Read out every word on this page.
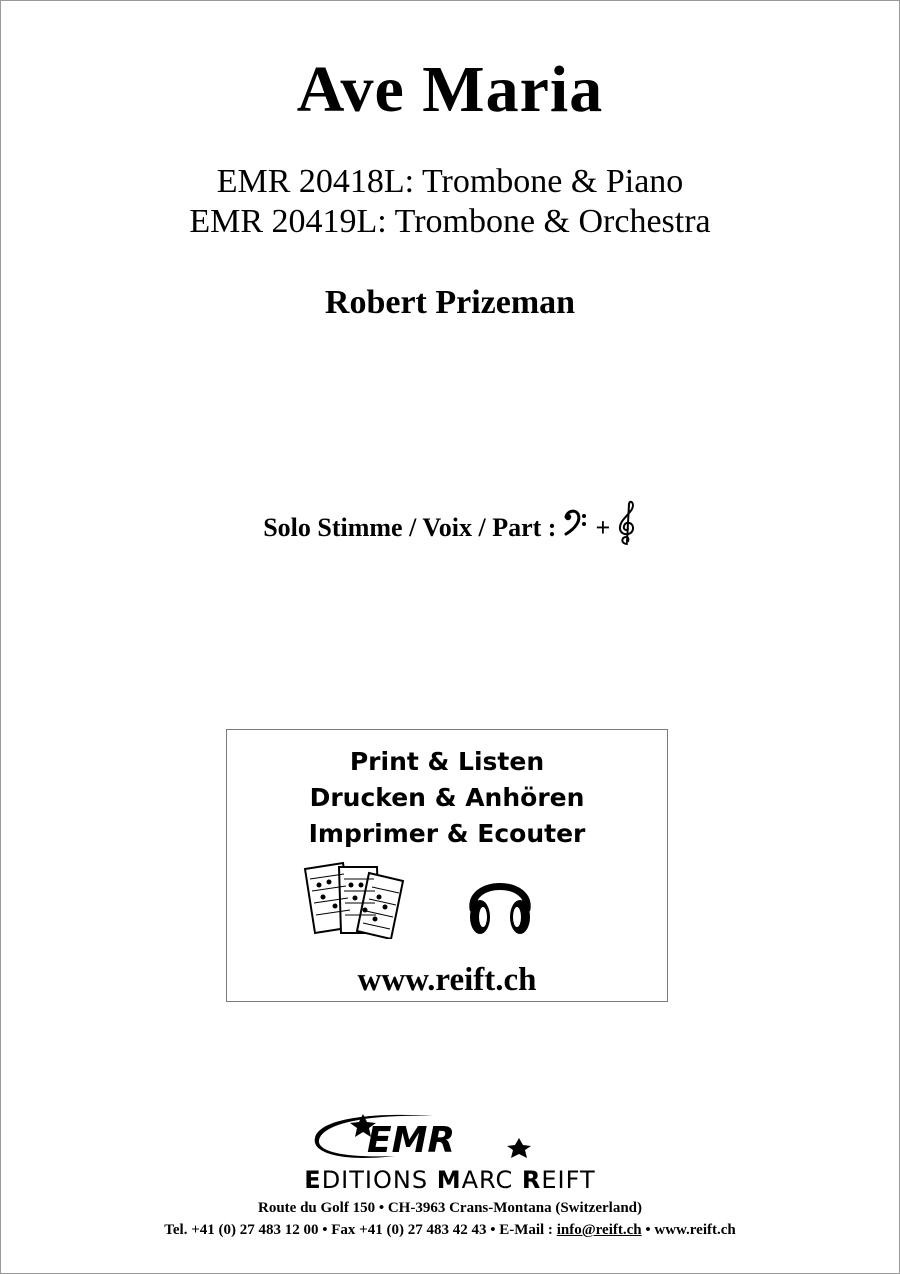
Ave Maria
EMR 20418L: Trombone & Piano
EMR 20419L: Trombone & Orchestra
Robert Prizeman
Solo Stimme / Voix / Part : +
Print & Listen
Drucken & Anhören
Imprimer & Ecouter
www.reift.ch
EMR
EDITIONS MARC REIFT
Route du Golf 150 • CH-3963 Crans-Montana (Switzerland)
Tel. +41 (0) 27 483 12 00 • Fax +41 (0) 27 483 42 43 • E-Mail : info@reift.ch • www.reift.ch
